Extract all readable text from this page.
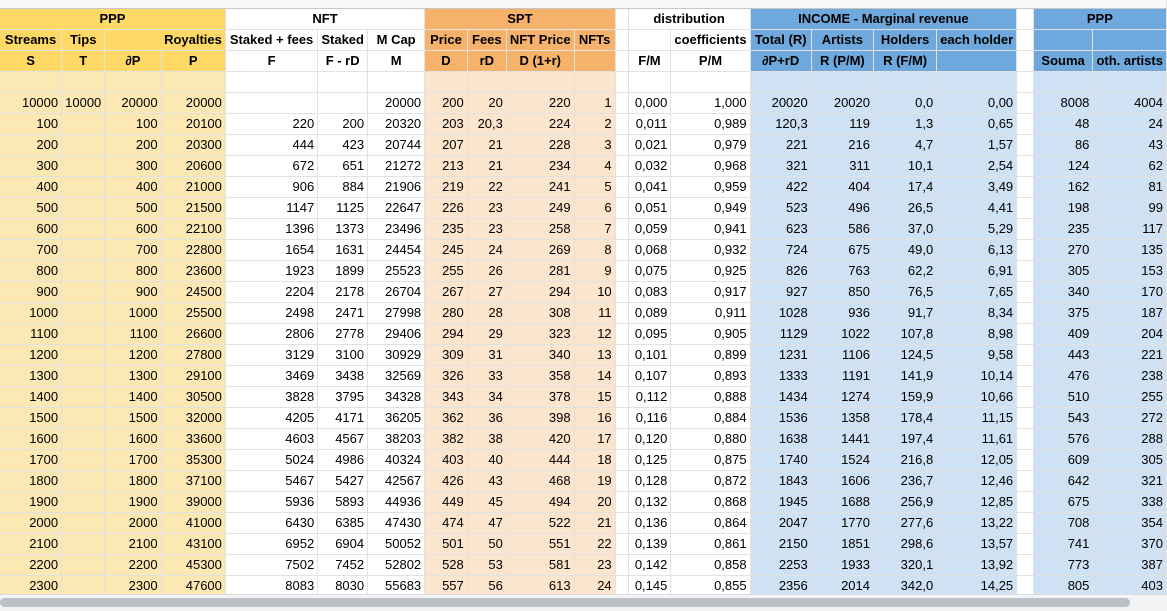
PPP				NFT			SPT					distribution		INCOME - Marginal revenue					PPP	
Streams	Tips		Royalties	Staked + fees	Staked	M Cap	Price	Fees	NFT Price	NFTs			coefficients	Total (R)	Artists	Holders	each holder			
S	T	∂P	P	F	F - rD	M	D	rD	D (1+r)			F/M	P/M	∂P+rD	R (P/M)	R (F/M)			Souma	oth. artists

10000	10000	20000	20000			20000	200	20	220	1		0,000	1,000	20020	20020	0,0	0,00		8008	4004
100		100	20100	220	200	20320	203	20,3	224	2		0,011	0,989	120,3	119	1,3	0,65		48	24
200		200	20300	444	423	20744	207	21	228	3		0,021	0,979	221	216	4,7	1,57		86	43
300		300	20600	672	651	21272	213	21	234	4		0,032	0,968	321	311	10,1	2,54		124	62
400		400	21000	906	884	21906	219	22	241	5		0,041	0,959	422	404	17,4	3,49		162	81
500		500	21500	1147	1125	22647	226	23	249	6		0,051	0,949	523	496	26,5	4,41		198	99
600		600	22100	1396	1373	23496	235	23	258	7		0,059	0,941	623	586	37,0	5,29		235	117
700		700	22800	1654	1631	24454	245	24	269	8		0,068	0,932	724	675	49,0	6,13		270	135
800		800	23600	1923	1899	25523	255	26	281	9		0,075	0,925	826	763	62,2	6,91		305	153
900		900	24500	2204	2178	26704	267	27	294	10		0,083	0,917	927	850	76,5	7,65		340	170
1000		1000	25500	2498	2471	27998	280	28	308	11		0,089	0,911	1028	936	91,7	8,34		375	187
1100		1100	26600	2806	2778	29406	294	29	323	12		0,095	0,905	1129	1022	107,8	8,98		409	204
1200		1200	27800	3129	3100	30929	309	31	340	13		0,101	0,899	1231	1106	124,5	9,58		443	221
1300		1300	29100	3469	3438	32569	326	33	358	14		0,107	0,893	1333	1191	141,9	10,14		476	238
1400		1400	30500	3828	3795	34328	343	34	378	15		0,112	0,888	1434	1274	159,9	10,66		510	255
1500		1500	32000	4205	4171	36205	362	36	398	16		0,116	0,884	1536	1358	178,4	11,15		543	272
1600		1600	33600	4603	4567	38203	382	38	420	17		0,120	0,880	1638	1441	197,4	11,61		576	288
1700		1700	35300	5024	4986	40324	403	40	444	18		0,125	0,875	1740	1524	216,8	12,05		609	305
1800		1800	37100	5467	5427	42567	426	43	468	19		0,128	0,872	1843	1606	236,7	12,46		642	321
1900		1900	39000	5936	5893	44936	449	45	494	20		0,132	0,868	1945	1688	256,9	12,85		675	338
2000		2000	41000	6430	6385	47430	474	47	522	21		0,136	0,864	2047	1770	277,6	13,22		708	354
2100		2100	43100	6952	6904	50052	501	50	551	22		0,139	0,861	2150	1851	298,6	13,57		741	370
2200		2200	45300	7502	7452	52802	528	53	581	23		0,142	0,858	2253	1933	320,1	13,92		773	387
2300		2300	47600	8083	8030	55683	557	56	613	24		0,145	0,855	2356	2014	342,0	14,25		805	403
